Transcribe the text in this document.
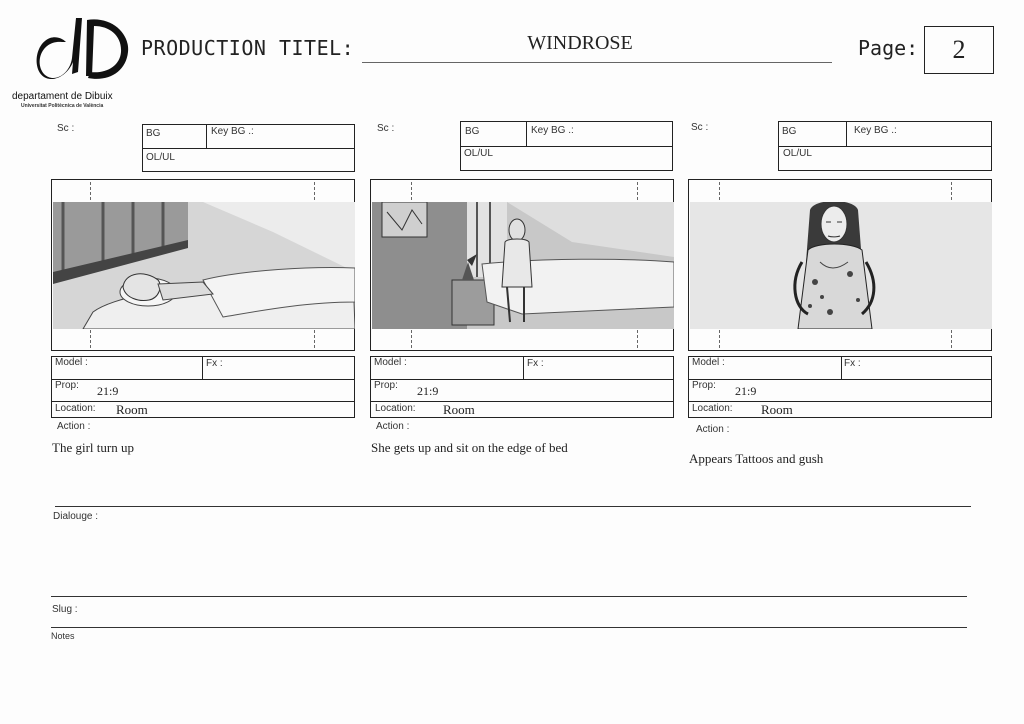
departament de Dibuix
Universitat Politècnica de València
PRODUCTION TITEL:	WINDROSE	Page: 2
Sc :	BG	Key BG .:
OL/UL
Model :	Fx :
Prop: 21:9
Location: Room
Action :
The girl turn up
Sc :	BG	Key BG .:
OL/UL
Model :	Fx :
Prop: 21:9
Location: Room
Action :
She gets up and sit on the edge of bed
Sc :	BG	Key BG .:
OL/UL
Model :	Fx :
Prop: 21:9
Location: Room
Action :
Appears Tattoos and gush
Dialouge :
Slug :
Notes
